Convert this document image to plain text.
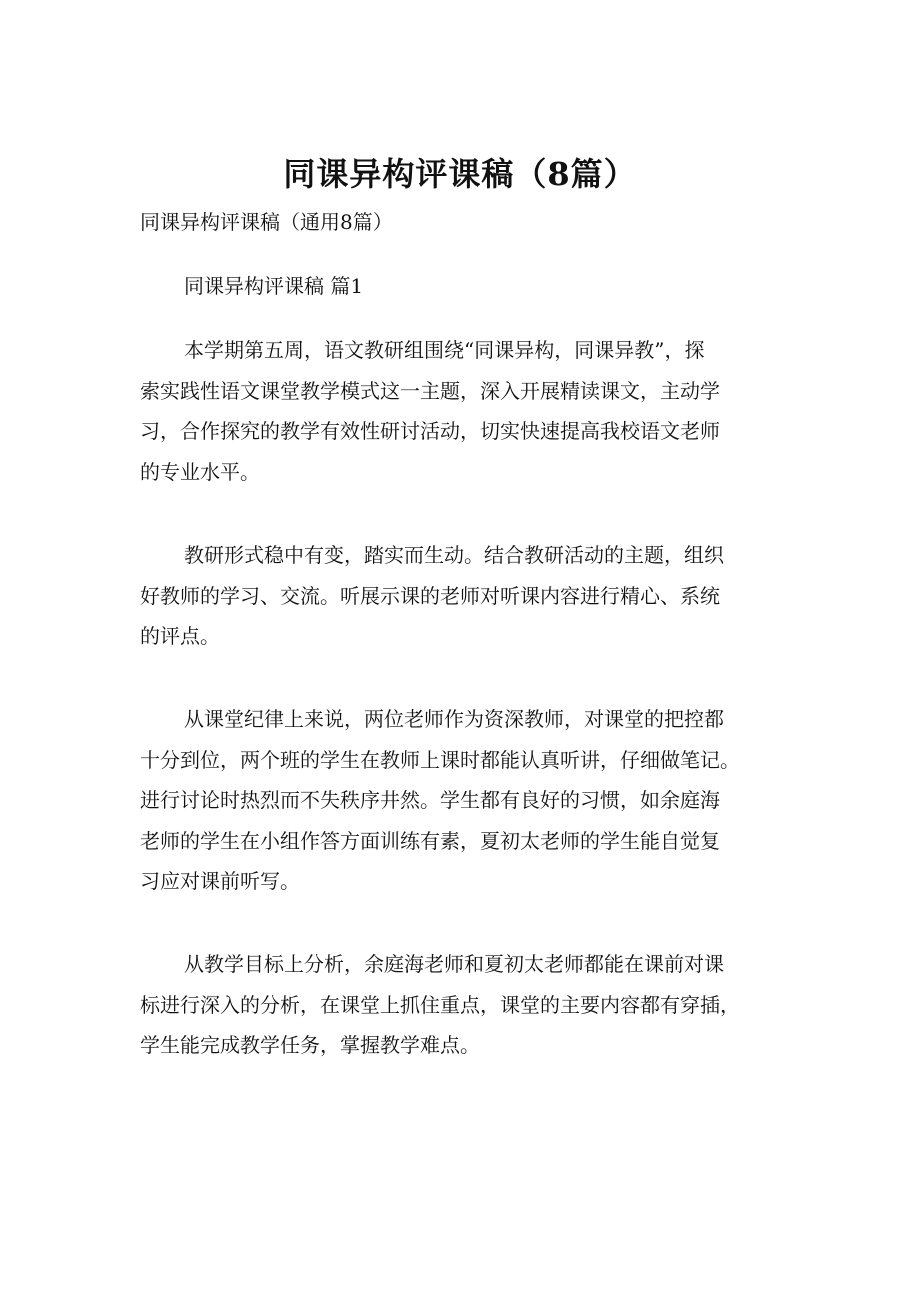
同课异构评课稿（8篇）

同课异构评课稿（通用8篇）

同课异构评课稿 篇1

本学期第五周，语文教研组围绕“同课异构，同课异教”，探
索实践性语文课堂教学模式这一主题，深入开展精读课文，主动学
习，合作探究的教学有效性研讨活动，切实快速提高我校语文老师
的专业水平。
教研形式稳中有变，踏实而生动。结合教研活动的主题，组织
好教师的学习、交流。听展示课的老师对听课内容进行精心、系统
的评点。
从课堂纪律上来说，两位老师作为资深教师，对课堂的把控都
十分到位，两个班的学生在教师上课时都能认真听讲，仔细做笔记。
进行讨论时热烈而不失秩序井然。学生都有良好的习惯，如余庭海
老师的学生在小组作答方面训练有素，夏初太老师的学生能自觉复
习应对课前听写。
从教学目标上分析，余庭海老师和夏初太老师都能在课前对课
标进行深入的分析，在课堂上抓住重点，课堂的主要内容都有穿插，
学生能完成教学任务，掌握教学难点。
